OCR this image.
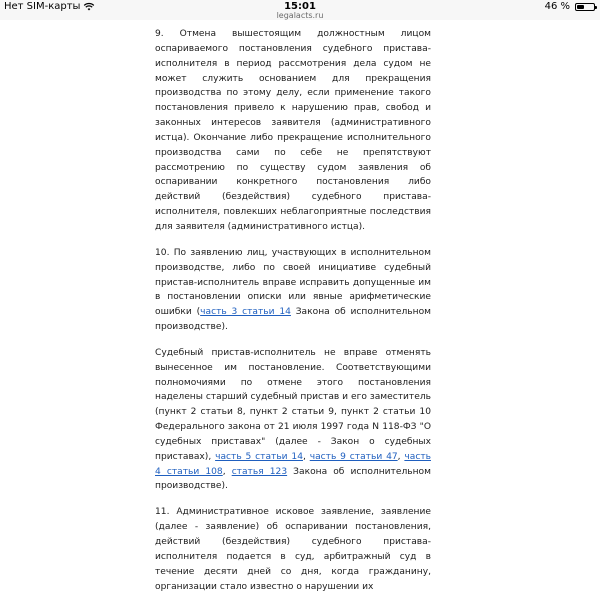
Нет SIM-карты	15:01	46 %
legalacts.ru

9. Отмена вышестоящим должностным лицом оспариваемого постановления судебного пристава-исполнителя в период рассмотрения дела судом не может служить основанием для прекращения производства по этому делу, если применение такого постановления привело к нарушению прав, свобод и законных интересов заявителя (административного истца). Окончание либо прекращение исполнительного производства сами по себе не препятствуют рассмотрению по существу судом заявления об оспаривании конкретного постановления либо действий (бездействия) судебного пристава-исполнителя, повлекших неблагоприятные последствия для заявителя (административного истца).

10. По заявлению лиц, участвующих в исполнительном производстве, либо по своей инициативе судебный пристав-исполнитель вправе исправить допущенные им в постановлении описки или явные арифметические ошибки (часть 3 статьи 14 Закона об исполнительном производстве).

Судебный пристав-исполнитель не вправе отменять вынесенное им постановление. Соответствующими полномочиями по отмене этого постановления наделены старший судебный пристав и его заместитель (пункт 2 статьи 8, пункт 2 статьи 9, пункт 2 статьи 10 Федерального закона от 21 июля 1997 года N 118-ФЗ "О судебных приставах" (далее - Закон о судебных приставах), часть 5 статьи 14, часть 9 статьи 47, часть 4 статьи 108, статья 123 Закона об исполнительном производстве).

11. Административное исковое заявление, заявление (далее - заявление) об оспаривании постановления, действий (бездействия) судебного пристава-исполнителя подается в суд, арбитражный суд в течение десяти дней со дня, когда гражданину, организации стало известно о нарушении их
